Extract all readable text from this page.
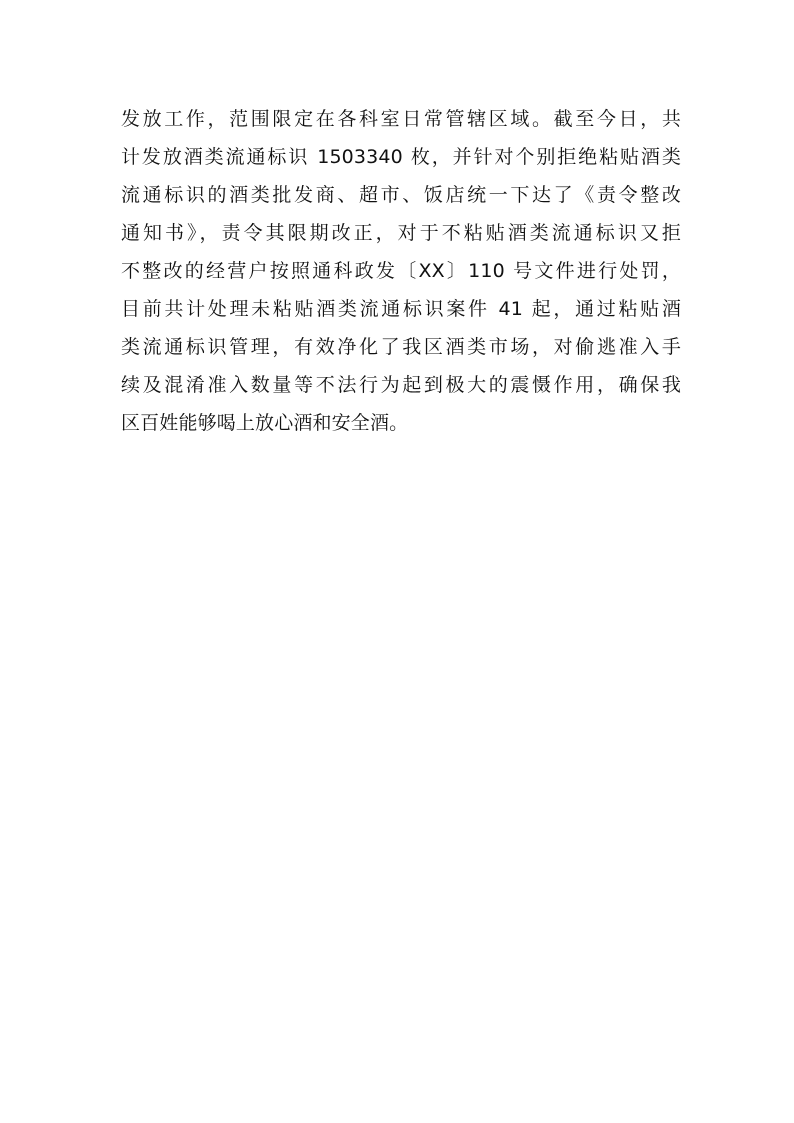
发放工作，范围限定在各科室日常管辖区域。截至今日，共
计发放酒类流通标识 1503340 枚，并针对个别拒绝粘贴酒类
流通标识的酒类批发商、超市、饭店统一下达了《责令整改
通知书》，责令其限期改正，对于不粘贴酒类流通标识又拒
不整改的经营户按照通科政发〔XX〕110 号文件进行处罚，
目前共计处理未粘贴酒类流通标识案件 41 起，通过粘贴酒
类流通标识管理，有效净化了我区酒类市场，对偷逃准入手
续及混淆准入数量等不法行为起到极大的震慑作用，确保我
区百姓能够喝上放心酒和安全酒。
